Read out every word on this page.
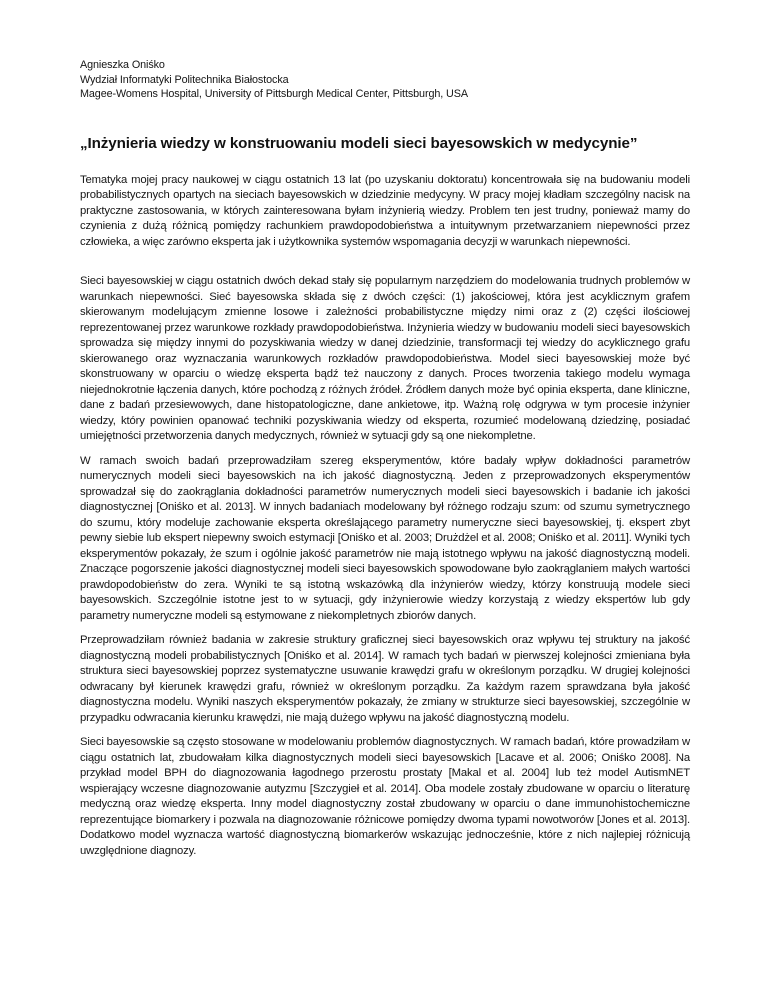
Agnieszka Oniśko
Wydział Informatyki Politechnika Białostocka
Magee-Womens Hospital, University of Pittsburgh Medical Center, Pittsburgh, USA
„Inżynieria wiedzy w konstruowaniu modeli sieci bayesowskich w medycynie”

Tematyka mojej pracy naukowej w ciągu ostatnich 13 lat (po uzyskaniu doktoratu) koncentrowała się na budowaniu modeli probabilistycznych opartych na sieciach bayesowskich w dziedzinie medycyny. W pracy mojej kładłam szczególny nacisk na praktyczne zastosowania, w których zainteresowana byłam inżynierią wiedzy. Problem ten jest trudny, ponieważ mamy do czynienia z dużą różnicą pomiędzy rachunkiem prawdopodobieństwa a intuitywnym przetwarzaniem niepewności przez człowieka, a więc zarówno eksperta jak i użytkownika systemów wspomagania decyzji w warunkach niepewności.

Sieci bayesowskiej w ciągu ostatnich dwóch dekad stały się popularnym narzędziem do modelowania trudnych problemów w warunkach niepewności. Sieć bayesowska składa się z dwóch części: (1) jakościowej, która jest acyklicznym grafem skierowanym modelującym zmienne losowe i zależności probabilistyczne między nimi oraz z (2) części ilościowej reprezentowanej przez warunkowe rozkłady prawdopodobieństwa. Inżynieria wiedzy w budowaniu modeli sieci bayesowskich sprowadza się między innymi do pozyskiwania wiedzy w danej dziedzinie, transformacji tej wiedzy do acyklicznego grafu skierowanego oraz wyznaczania warunkowych rozkładów prawdopodobieństwa. Model sieci bayesowskiej może być skonstruowany w oparciu o wiedzę eksperta bądź też nauczony z danych. Proces tworzenia takiego modelu wymaga niejednokrotnie łączenia danych, które pochodzą z różnych źródeł. Źródłem danych może być opinia eksperta, dane kliniczne, dane z badań przesiewowych, dane histopatologiczne, dane ankietowe, itp. Ważną rolę odgrywa w tym procesie inżynier wiedzy, który powinien opanować techniki pozyskiwania wiedzy od eksperta, rozumieć modelowaną dziedzinę, posiadać umiejętności przetworzenia danych medycznych, również w sytuacji gdy są one niekompletne.

W ramach swoich badań przeprowadziłam szereg eksperymentów, które badały wpływ dokładności parametrów numerycznych modeli sieci bayesowskich na ich jakość diagnostyczną. Jeden z przeprowadzonych eksperymentów sprowadzał się do zaokrąglania dokładności parametrów numerycznych modeli sieci bayesowskich i badanie ich jakości diagnostycznej [Oniśko et al. 2013]. W innych badaniach modelowany był różnego rodzaju szum: od szumu symetrycznego do szumu, który modeluje zachowanie eksperta określającego parametry numeryczne sieci bayesowskiej, tj. ekspert zbyt pewny siebie lub ekspert niepewny swoich estymacji [Oniśko et al. 2003; Drużdżel et al. 2008; Oniśko et al. 2011]. Wyniki tych eksperymentów pokazały, że szum i ogólnie jakość parametrów nie mają istotnego wpływu na jakość diagnostyczną modeli. Znaczące pogorszenie jakości diagnostycznej modeli sieci bayesowskich spowodowane było zaokrąglaniem małych wartości prawdopodobieństw do zera. Wyniki te są istotną wskazówką dla inżynierów wiedzy, którzy konstruują modele sieci bayesowskich. Szczególnie istotne jest to w sytuacji, gdy inżynierowie wiedzy korzystają z wiedzy ekspertów lub gdy parametry numeryczne modeli są estymowane z niekompletnych zbiorów danych.

Przeprowadziłam również badania w zakresie struktury graficznej sieci bayesowskich oraz wpływu tej struktury na jakość diagnostyczną modeli probabilistycznych [Oniśko et al. 2014]. W ramach tych badań w pierwszej kolejności zmieniana była struktura sieci bayesowskiej poprzez systematyczne usuwanie krawędzi grafu w określonym porządku. W drugiej kolejności odwracany był kierunek krawędzi grafu, również w określonym porządku. Za każdym razem sprawdzana była jakość diagnostyczna modelu. Wyniki naszych eksperymentów pokazały, że zmiany w strukturze sieci bayesowskiej, szczególnie w przypadku odwracania kierunku krawędzi, nie mają dużego wpływu na jakość diagnostyczną modelu.

Sieci bayesowskie są często stosowane w modelowaniu problemów diagnostycznych. W ramach badań, które prowadziłam w ciągu ostatnich lat, zbudowałam kilka diagnostycznych modeli sieci bayesowskich [Lacave et al. 2006; Oniśko 2008]. Na przykład model BPH do diagnozowania łagodnego przerostu prostaty [Makal et al. 2004] lub też model AutismNET wspierający wczesne diagnozowanie autyzmu [Szczygieł et al. 2014]. Oba modele zostały zbudowane w oparciu o literaturę medyczną oraz wiedzę eksperta. Inny model diagnostyczny został zbudowany w oparciu o dane immunohistochemiczne reprezentujące biomarkery i pozwala na diagnozowanie różnicowe pomiędzy dwoma typami nowotworów [Jones et al. 2013]. Dodatkowo model wyznacza wartość diagnostyczną biomarkerów wskazując jednocześnie, które z nich najlepiej różnicują uwzględnione diagnozy.
